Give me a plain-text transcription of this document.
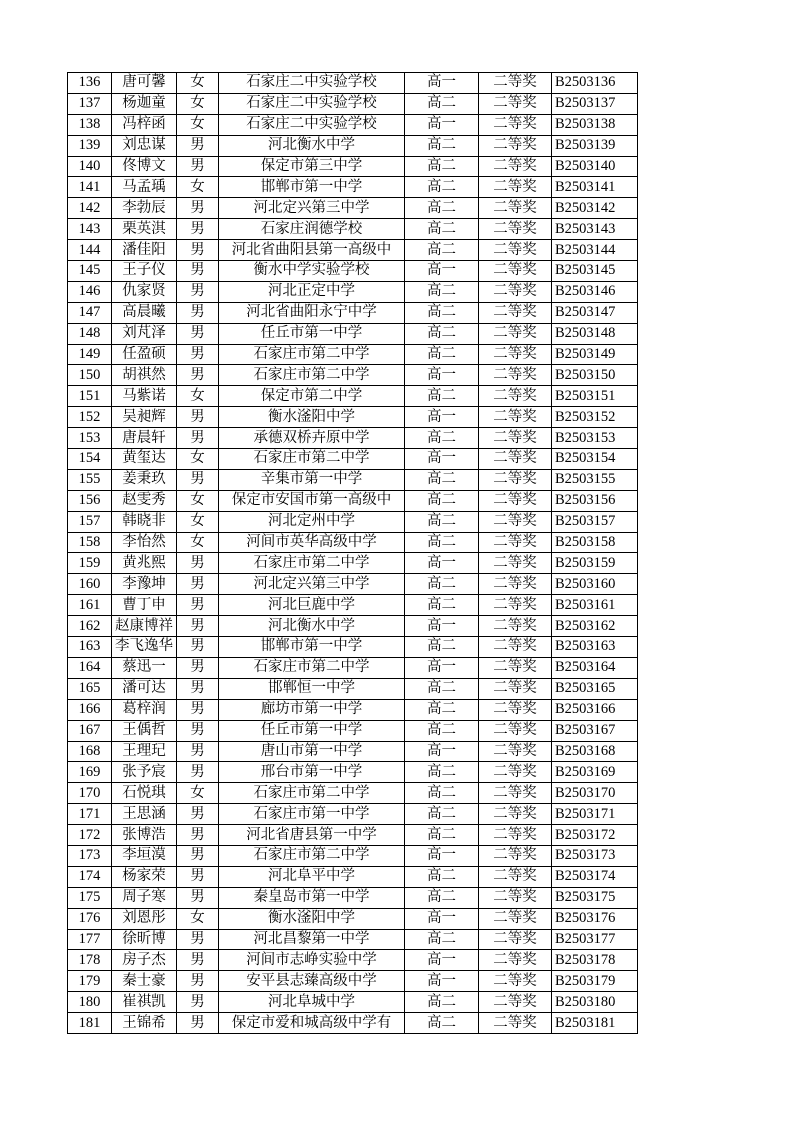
136	唐可馨	女	石家庄二中实验学校	高一	二等奖	B2503136
137	杨迦童	女	石家庄二中实验学校	高二	二等奖	B2503137
138	冯梓函	女	石家庄二中实验学校	高一	二等奖	B2503138
139	刘忠谋	男	河北衡水中学	高二	二等奖	B2503139
140	佟博文	男	保定市第三中学	高二	二等奖	B2503140
141	马孟瑀	女	邯郸市第一中学	高二	二等奖	B2503141
142	李勃辰	男	河北定兴第三中学	高二	二等奖	B2503142
143	栗英淇	男	石家庄润德学校	高二	二等奖	B2503143
144	潘佳阳	男	河北省曲阳县第一高级中	高二	二等奖	B2503144
145	王子仪	男	衡水中学实验学校	高一	二等奖	B2503145
146	仇家贤	男	河北正定中学	高二	二等奖	B2503146
147	高晨曦	男	河北省曲阳永宁中学	高二	二等奖	B2503147
148	刘芃泽	男	任丘市第一中学	高二	二等奖	B2503148
149	任盈硕	男	石家庄市第二中学	高二	二等奖	B2503149
150	胡祺然	男	石家庄市第二中学	高一	二等奖	B2503150
151	马紫诺	女	保定市第二中学	高二	二等奖	B2503151
152	吴昶辉	男	衡水滏阳中学	高一	二等奖	B2503152
153	唐晨轩	男	承德双桥卉原中学	高二	二等奖	B2503153
154	黄玺达	女	石家庄市第二中学	高一	二等奖	B2503154
155	姜秉玖	男	辛集市第一中学	高二	二等奖	B2503155
156	赵雯秀	女	保定市安国市第一高级中	高二	二等奖	B2503156
157	韩晓非	女	河北定州中学	高二	二等奖	B2503157
158	李怡然	女	河间市英华高级中学	高二	二等奖	B2503158
159	黄兆熙	男	石家庄市第二中学	高一	二等奖	B2503159
160	李豫坤	男	河北定兴第三中学	高二	二等奖	B2503160
161	曹丁申	男	河北巨鹿中学	高二	二等奖	B2503161
162	赵康博祥	男	河北衡水中学	高一	二等奖	B2503162
163	李飞逸华	男	邯郸市第一中学	高二	二等奖	B2503163
164	蔡迅一	男	石家庄市第二中学	高一	二等奖	B2503164
165	潘可达	男	邯郸恒一中学	高二	二等奖	B2503165
166	葛梓润	男	廊坊市第一中学	高二	二等奖	B2503166
167	王偊哲	男	任丘市第一中学	高二	二等奖	B2503167
168	王理玘	男	唐山市第一中学	高一	二等奖	B2503168
169	张予宸	男	邢台市第一中学	高二	二等奖	B2503169
170	石悦琪	女	石家庄市第二中学	高二	二等奖	B2503170
171	王思涵	男	石家庄市第一中学	高二	二等奖	B2503171
172	张博浩	男	河北省唐县第一中学	高二	二等奖	B2503172
173	李垣漠	男	石家庄市第二中学	高一	二等奖	B2503173
174	杨家荣	男	河北阜平中学	高二	二等奖	B2503174
175	周子寒	男	秦皇岛市第一中学	高二	二等奖	B2503175
176	刘恩彤	女	衡水滏阳中学	高一	二等奖	B2503176
177	徐昕博	男	河北昌黎第一中学	高二	二等奖	B2503177
178	房子杰	男	河间市志峥实验中学	高一	二等奖	B2503178
179	秦士豪	男	安平县志臻高级中学	高一	二等奖	B2503179
180	崔祺凯	男	河北阜城中学	高二	二等奖	B2503180
181	王锦希	男	保定市爱和城高级中学有	高二	二等奖	B2503181
